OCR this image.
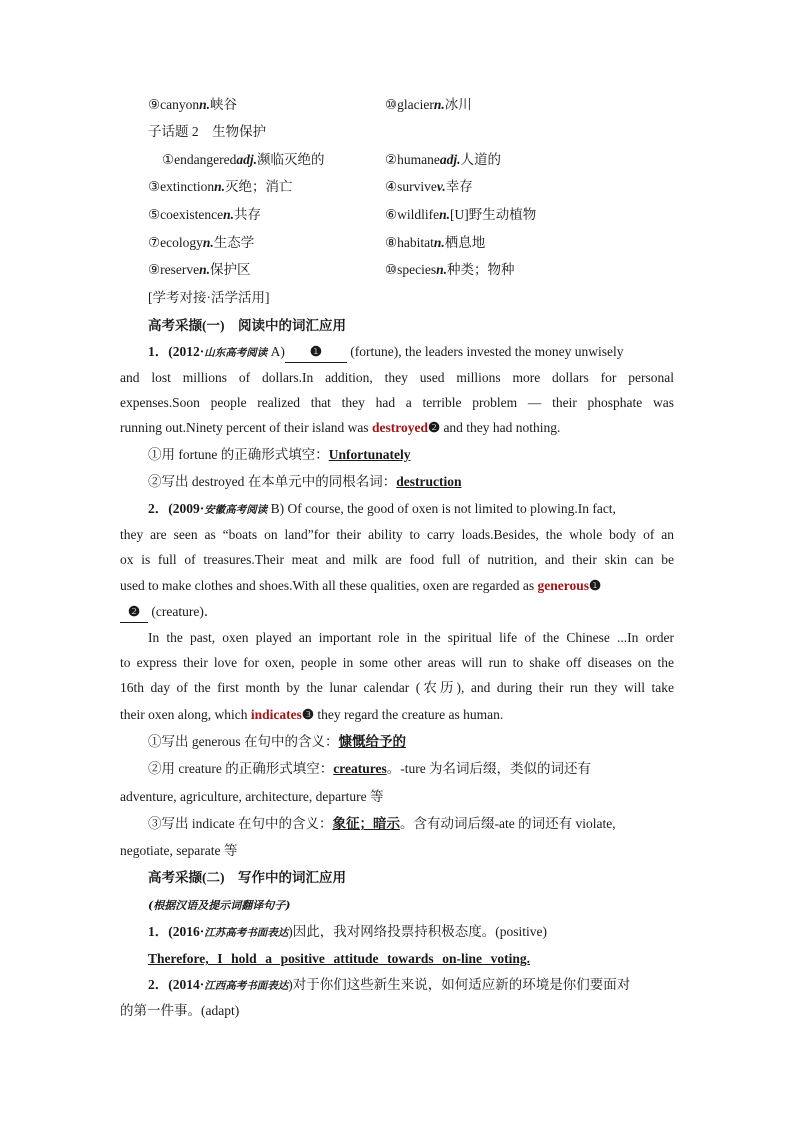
⑨canyonn.峡谷	⑩glaciern.冰川
子话题 2　生物保护
①endangeredadj.濒临灭绝的	②humaneadj.人道的
③extinctionn.灭绝；消亡	④survivev.幸存
⑤coexistencen.共存	⑥wildlifen.[U]野生动植物
⑦ecologyn.生态学	⑧habitatn.栖息地
⑨reserven.保护区	⑩speciesn.种类；物种
[学考对接·活学活用]
高考采撷(一)　阅读中的词汇应用
1．(2012·山东高考阅读 A) ❶ (fortune), the leaders invested the money unwisely
and lost millions of dollars.In addition, they used millions more dollars for personal
expenses.Soon people realized that they had a terrible problem — their phosphate was
running out.Ninety percent of their island was destroyed❷ and they had nothing.
①用 fortune 的正确形式填空：Unfortunately
②写出 destroyed 在本单元中的同根名词：destruction
2．(2009·安徽高考阅读 B) Of course, the good of oxen is not limited to plowing.In fact,
they are seen as “boats on land”for their ability to carry loads.Besides, the whole body of an
ox is full of treasures.Their meat and milk are food full of nutrition, and their skin can be
used to make clothes and shoes.With all these qualities, oxen are regarded as generous❶
❷ (creature)．
In the past, oxen played an important role in the spiritual life of the Chinese ...In order
to express their love for oxen, people in some other areas will run to shake off diseases on the
16th day of the first month by the lunar calendar (农历), and during their run they will take
their oxen along, which indicates❸ they regard the creature as human.
①写出 generous 在句中的含义：慷慨给予的
②用 creature 的正确形式填空：creatures。-ture 为名词后缀，类似的词还有
adventure, agriculture, architecture, departure 等
③写出 indicate 在句中的含义：象征；暗示。含有动词后缀-ate 的词还有 violate,
negotiate, separate 等
高考采撷(二)　写作中的词汇应用
(根据汉语及提示词翻译句子)
1．(2016·江苏高考书面表达)因此，我对网络投票持积极态度。(positive)
Therefore, I hold a positive attitude towards on-line voting.
2．(2014·江西高考书面表达)对于你们这些新生来说，如何适应新的环境是你们要面对
的第一件事。(adapt)
